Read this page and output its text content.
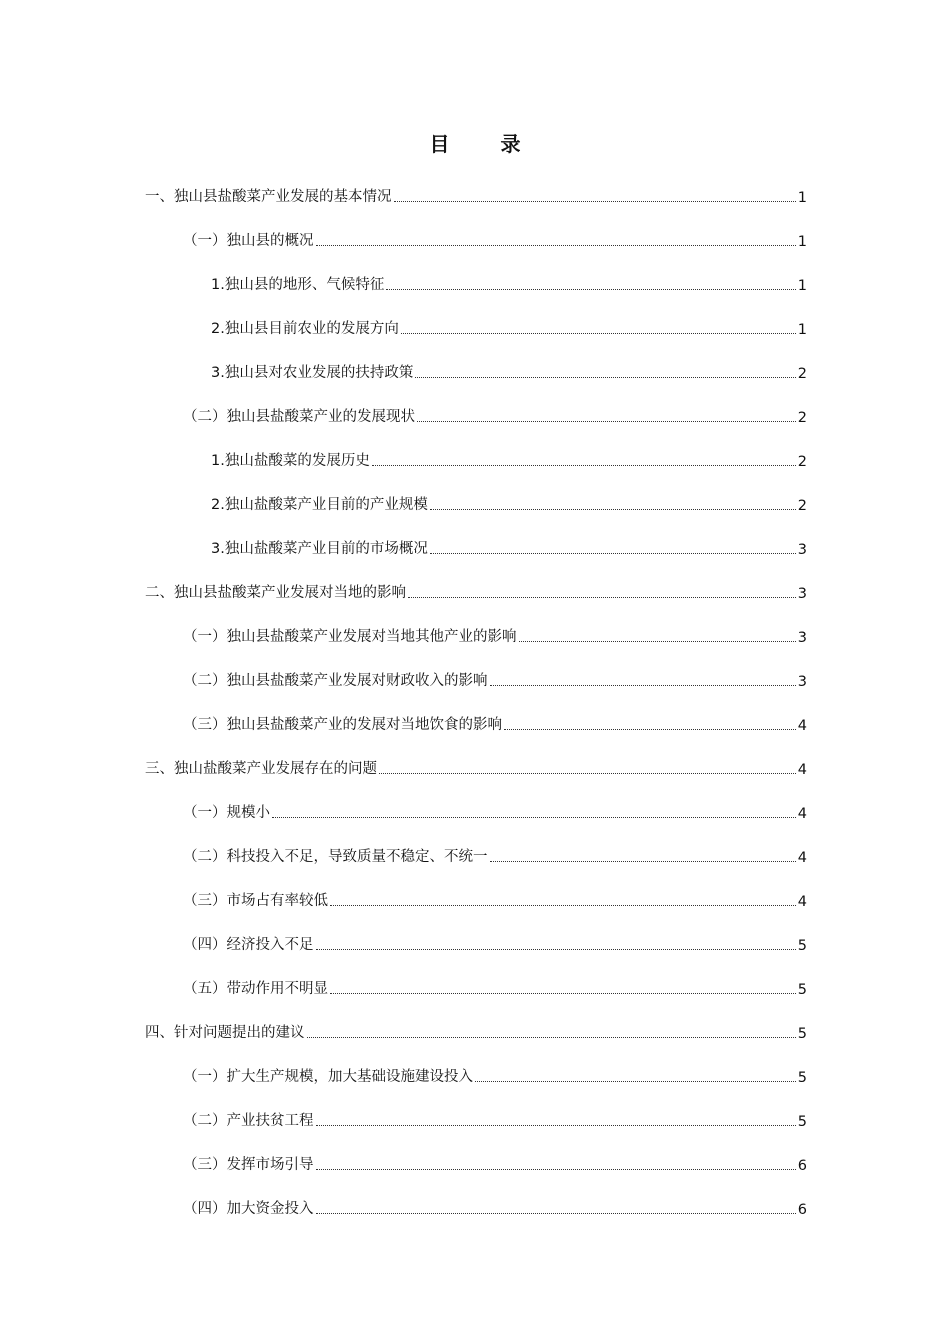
目 录
一、独山县盐酸菜产业发展的基本情况	1
（一）独山县的概况	1
1.独山县的地形、气候特征	1
2.独山县目前农业的发展方向	1
3.独山县对农业发展的扶持政策	2
（二）独山县盐酸菜产业的发展现状	2
1.独山盐酸菜的发展历史	2
2.独山盐酸菜产业目前的产业规模	2
3.独山盐酸菜产业目前的市场概况	3
二、独山县盐酸菜产业发展对当地的影响	3
（一）独山县盐酸菜产业发展对当地其他产业的影响	3
（二）独山县盐酸菜产业发展对财政收入的影响	3
（三）独山县盐酸菜产业的发展对当地饮食的影响	4
三、独山盐酸菜产业发展存在的问题	4
（一）规模小	4
（二）科技投入不足，导致质量不稳定、不统一	4
（三）市场占有率较低	4
（四）经济投入不足	5
（五）带动作用不明显	5
四、针对问题提出的建议	5
（一）扩大生产规模，加大基础设施建设投入	5
（二）产业扶贫工程	5
（三）发挥市场引导	6
（四）加大资金投入	6
